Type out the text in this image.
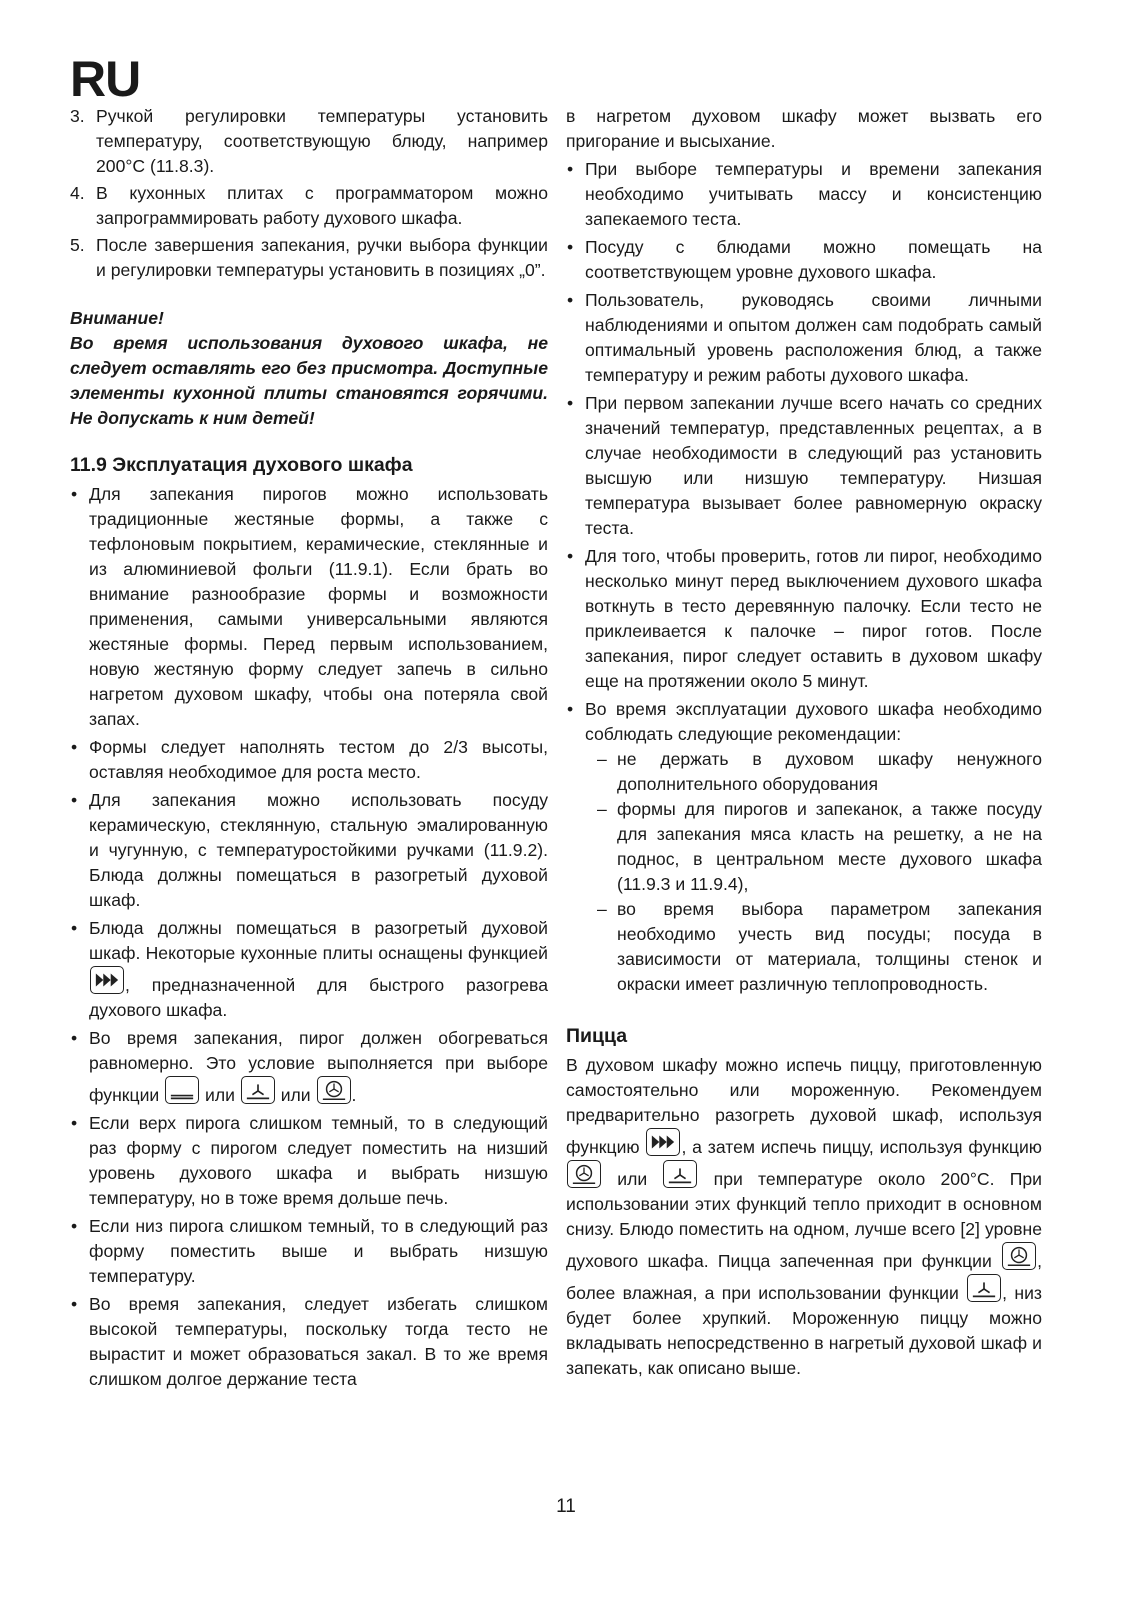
RU
3. Ручкой регулировки температуры установить температуру, соответствующую блюду, например 200°C (11.8.3).
4. В кухонных плитах с программатором можно запрограммировать работу духового шкафа.
5. После завершения запекания, ручки выбора функции и регулировки температуры установить в позициях „0”.

Внимание!

Во время использования духового шкафа, не следует оставлять его без присмотра. Доступные элементы кухонной плиты становятся горячими. Не допускать к ним детей!

11.9 Эксплуатация духового шкафа
• Для запекания пирогов можно использовать традиционные жестяные формы, а также с тефлоновым покрытием, керамические, стеклянные и из алюминиевой фольги (11.9.1). Если брать во внимание разнообразие формы и возможности применения, самыми универсальными являются жестяные формы. Перед первым использованием, новую жестяную форму следует запечь в сильно нагретом духовом шкафу, чтобы она потеряла свой запах.
• Формы следует наполнять тестом до 2/3 высоты, оставляя необходимое для роста место.
• Для запекания можно использовать посуду керамическую, стеклянную, стальную эмалированную и чугунную, с температуростойкими ручками (11.9.2). Блюда должны помещаться в разогретый духовой шкаф.
• Блюда должны помещаться в разогретый духовой шкаф. Некоторые кухонные плиты оснащены функцией
, предназначенной для быстрого разогрева духового шкафа.
• Во время запекания, пирог должен обогреваться равномерно. Это условие выполняется при выборе функции
или
или
.
• Если верх пирога слишком темный, то в следующий раз форму с пирогом следует поместить на низший уровень духового шкафа и выбрать низшую температуру, но в тоже время дольше печь.
• Если низ пирога слишком темный, то в следующий раз форму поместить выше и выбрать низшую температуру.
• Во время запекания, следует избегать слишком высокой температуры, поскольку тогда тесто не вырастит и может образоваться закал. В то же время слишком долгое держание теста

в нагретом духовом шкафу может вызвать его пригорание и высыхание.

• При выборе температуры и времени запекания необходимо учитывать массу и консистенцию запекаемого теста.
• Посуду с блюдами можно помещать на соответствующем уровне духового шкафа.
• Пользователь, руководясь своими личными наблюдениями и опытом должен сам подобрать самый оптимальный уровень расположения блюд, а также температуру и режим работы духового шкафа.
• При первом запекании лучше всего начать со средних значений температур, представленных рецептах, а в случае необходимости в следующий раз установить высшую или низшую температуру. Низшая температура вызывает более равномерную окраску теста.
• Для того, чтобы проверить, готов ли пирог, необходимо несколько минут перед выключением духового шкафа воткнуть в тесто деревянную палочку. Если тесто не приклеивается к палочке – пирог готов. После запекания, пирог следует оставить в духовом шкафу еще на протяжении около 5 минут.
• Во время эксплуатации духового шкафа необходимо соблюдать следующие рекомендации:
– не держать в духовом шкафу ненужного дополнительного оборудования
– формы для пирогов и запеканок, а также посуду для запекания мяса класть на решетку, а не на поднос, в центральном месте духового шкафа (11.9.3 и 11.9.4),
– во время выбора параметром запекания необходимо учесть вид посуды; посуда в зависимости от материала, толщины стенок и окраски имеет различную теплопроводность.
Пицца

В духовом шкафу можно испечь пиццу, приготовленную самостоятельно или мороженную. Рекомендуем предварительно разогреть духовой шкаф, используя функцию
, а затем испечь пиццу, используя функцию
или
при температуре около 200°C. При использовании этих функций тепло приходит в основном снизу. Блюдо поместить на одном, лучше всего [2] уровне духового шкафа. Пицца запеченная при функции
, более влажная, а при использовании функции
, низ будет более хрупкий. Мороженную пиццу можно вкладывать непосредственно в нагретый духовой шкаф и запекать, как описано выше.

11
